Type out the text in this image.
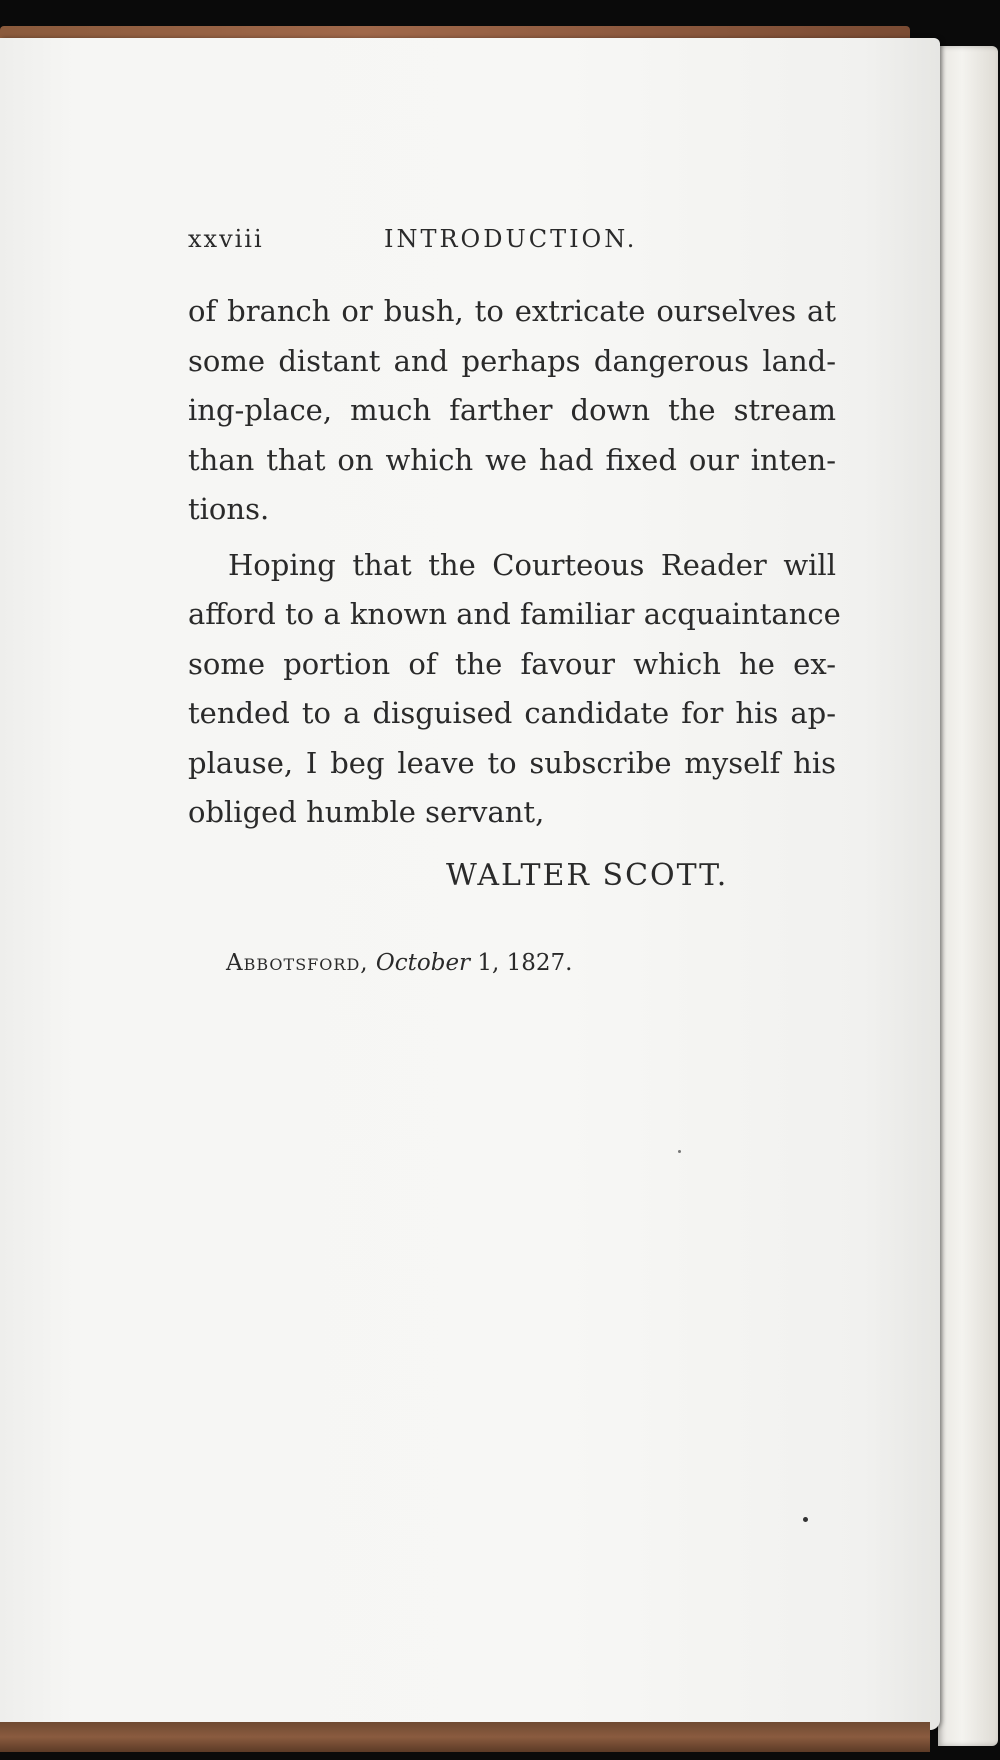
xxviii	INTRODUCTION.
of branch or bush, to extricate ourselves at
some distant and perhaps dangerous land-
ing-place, much farther down the stream
than that on which we had fixed our inten-
tions.
Hoping that the Courteous Reader will
afford to a known and familiar acquaintance
some portion of the favour which he ex-
tended to a disguised candidate for his ap-
plause, I beg leave to subscribe myself his
obliged humble servant,
WALTER SCOTT.
Abbotsford, October 1, 1827.
